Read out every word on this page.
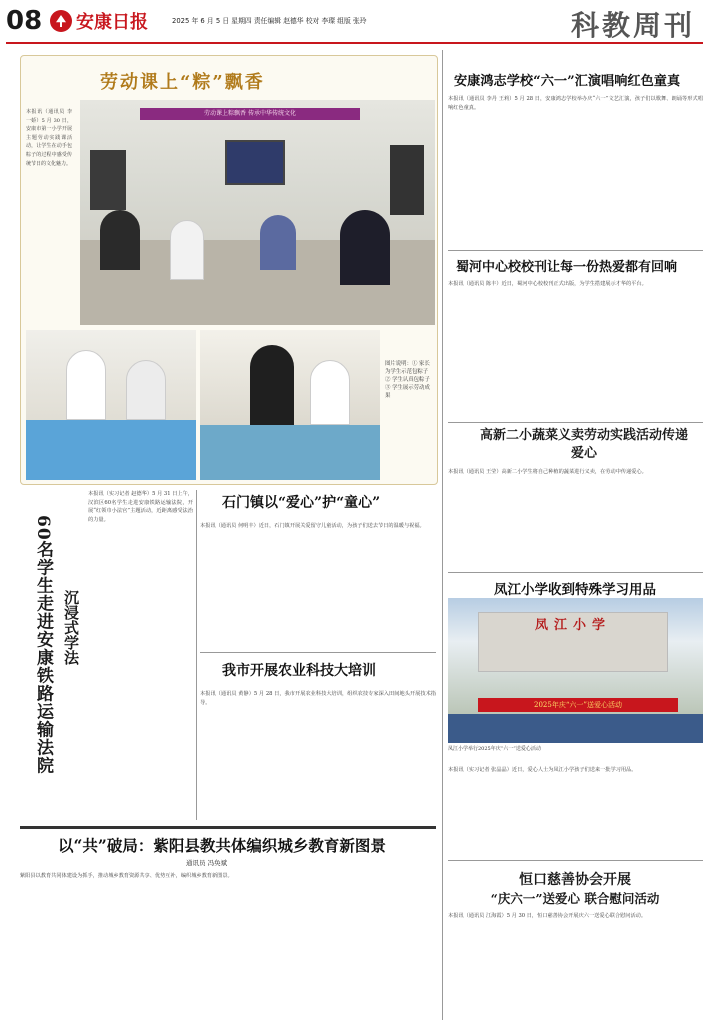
08 安康日报	2025 年 6 月 5 日 星期四 责任编辑 赵德华 校对 李璨 组版 张玲	科教周刊
劳动课上“粽”飘香
本报讯（通讯员 李一娇）5 月 30 日，安康市第一小学开展主题劳动实践课活动，让学生在动手包粽子的过程中感受传统节日的文化魅力。
劳动课上粽飘香 传承中华传统文化
图片说明：① 家长为学生示范包粽子 ② 学生认真包粽子 ③ 学生展示劳动成果
60名学生走进安康铁路运输法院 沉浸式学法
本报讯（实习记者 赵德华）5 月 31 日上午，汉滨区60名学生走进安康铁路运输法院，开展“红领巾小法官”主题活动，近距离感受法治的力量。
石门镇以“爱心”护“童心”
本报讯（通讯员 何明丰）近日，石门镇开展关爱留守儿童活动，为孩子们送去节日的温暖与祝福。
我市开展农业科技大培训
本报讯（通讯员 黄静）5 月 28 日，我市开展农业科技大培训，组织农技专家深入田间地头开展技术指导。
以“共”破局：紫阳县教共体编织城乡教育新图景
通讯员 冯奂斌
紫阳县以教育共同体建设为抓手，推动城乡教育资源共享、优势互补，编织城乡教育新图景。
安康鸿志学校“六一”汇演唱响红色童真
本报讯（通讯员 李丹 王莉）5 月 28 日，安康鸿志学校举办庆“六一”文艺汇演，孩子们以歌舞、朗诵等形式唱响红色童真。
蜀河中心校校刊让每一份热爱都有回响
本报讯（通讯员 陈丰）近日，蜀河中心校校刊正式出版，为学生搭建展示才华的平台。
高新二小蔬菜义卖劳动实践活动传递爱心
本报讯（通讯员 王莹）高新二小学生将自己种植的蔬菜进行义卖，在劳动中传递爱心。
凤江小学收到特殊学习用品
凤江小学
2025年庆“六一”送爱心活动
凤江小学举行2025年庆“六一”送爱心活动
本报讯（实习记者 张晶晶）近日，爱心人士为凤江小学孩子们送来一批学习用品。
恒口慈善协会开展
“庆六一”送爱心 联合慰问活动
本报讯（通讯员 江海霞）5 月 30 日，恒口慈善协会开展庆六一送爱心联合慰问活动。
